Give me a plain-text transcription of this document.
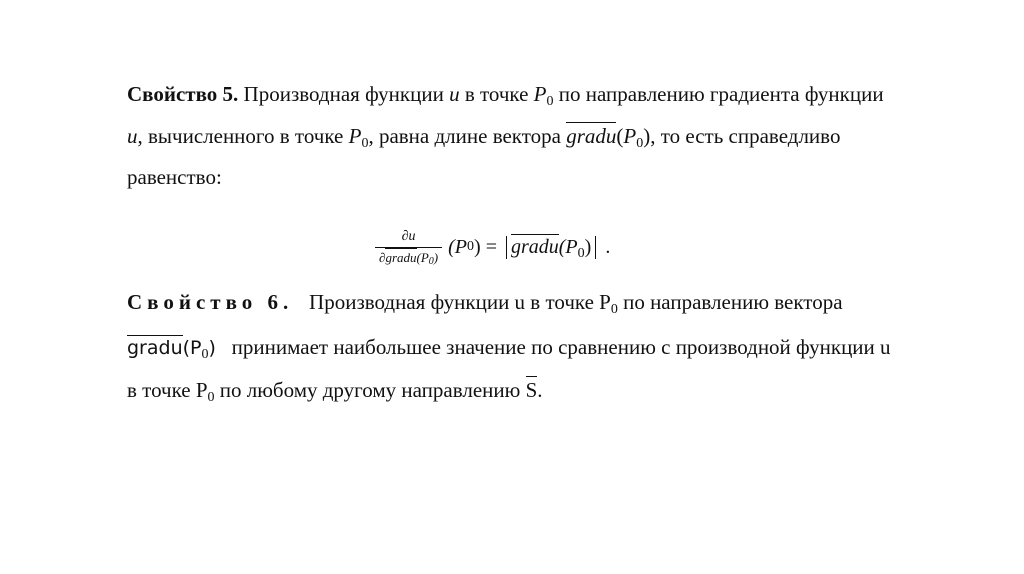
Свойство 5. Производная функции u в точке $P_0$ по направлению градиента функции
u, вычисленного в точке $P_0$, равна длине вектора $gradu(P_0)$, то есть справедливо
равенство:
$\frac{\partial u}{\partial gradu(P_0)} (P$ 0 ) = $gradu(P_0)$ .
Свойство 6.   Производная функции u в точке $P_0$ по направлению вектора
$gradu(P_0)$   принимает наибольшее значение по сравнению с производной функции u
в точке $P_0$ по любому другому направлению S.
